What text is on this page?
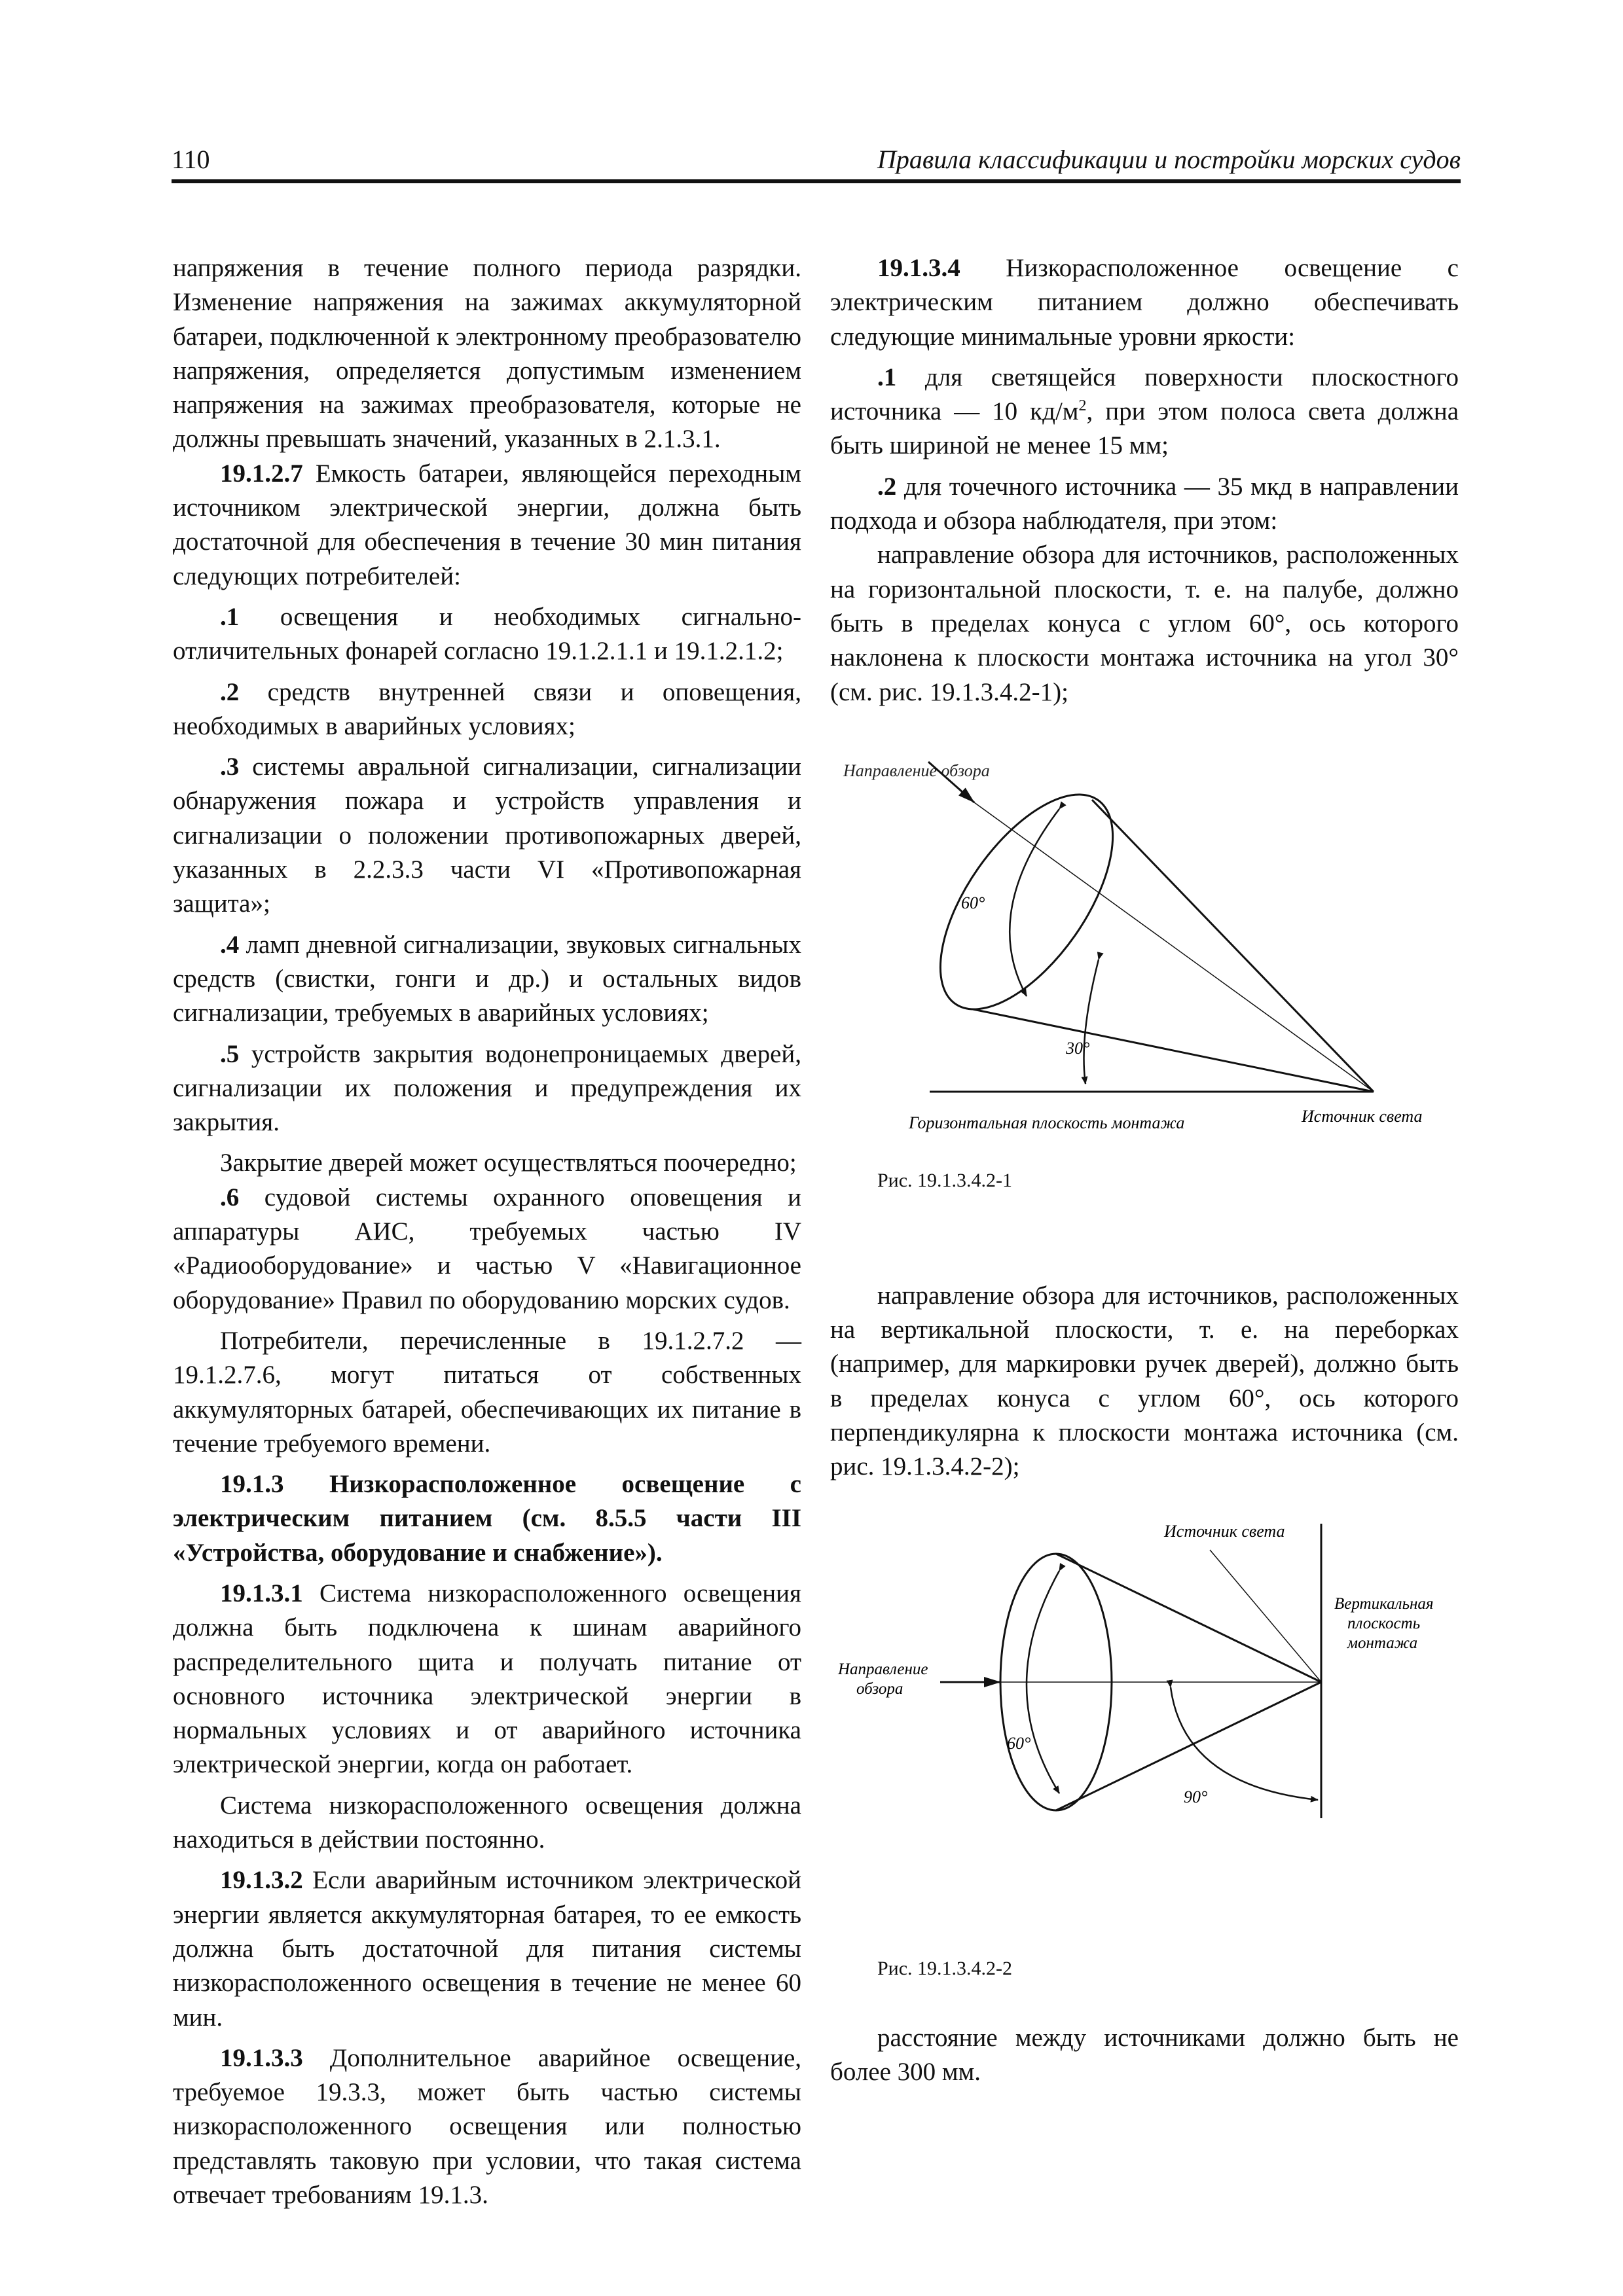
110	Правила классификации и постройки морских судов

напряжения в течение полного периода разрядки. Изменение напряжения на зажимах аккумуляторной батареи, подключенной к электронному преобразователю напряжения, определяется допустимым изменением напряжения на зажимах преобразователя, которые не должны превышать значений, указанных в 2.1.3.1.

19.1.2.7 Емкость батареи, являющейся переходным источником электрической энергии, должна быть достаточной для обеспечения в течение 30 мин питания следующих потребителей:

.1 освещения и необходимых сигнально-отличительных фонарей согласно 19.1.2.1.1 и 19.1.2.1.2;

.2 средств внутренней связи и оповещения, необходимых в аварийных условиях;

.3 системы авральной сигнализации, сигнализации обнаружения пожара и устройств управления и сигнализации о положении противопожарных дверей, указанных в 2.2.3.3 части VI «Противопожарная защита»;

.4 ламп дневной сигнализации, звуковых сигнальных средств (свистки, гонги и др.) и остальных видов сигнализации, требуемых в аварийных условиях;

.5 устройств закрытия водонепроницаемых дверей, сигнализации их положения и предупреждения их закрытия.

Закрытие дверей может осуществляться поочередно;

.6 судовой системы охранного оповещения и аппаратуры АИС, требуемых частью IV «Радиооборудование» и частью V «Навигационное оборудование» Правил по оборудованию морских судов.

Потребители, перечисленные в 19.1.2.7.2 — 19.1.2.7.6, могут питаться от собственных аккумуляторных батарей, обеспечивающих их питание в течение требуемого времени.

19.1.3 Низкорасположенное освещение с электрическим питанием (см. 8.5.5 части III «Устройства, оборудование и снабжение»).

19.1.3.1 Система низкорасположенного освещения должна быть подключена к шинам аварийного распределительного щита и получать питание от основного источника электрической энергии в нормальных условиях и от аварийного источника электрической энергии, когда он работает.

Система низкорасположенного освещения должна находиться в действии постоянно.

19.1.3.2 Если аварийным источником электрической энергии является аккумуляторная батарея, то ее емкость должна быть достаточной для питания системы низкорасположенного освещения в течение не менее 60 мин.

19.1.3.3 Дополнительное аварийное освещение, требуемое 19.3.3, может быть частью системы низкорасположенного освещения или полностью представлять таковую при условии, что такая система отвечает требованиям 19.1.3.

19.1.3.4 Низкорасположенное освещение с электрическим питанием должно обеспечивать следующие минимальные уровни яркости:

.1 для светящейся поверхности плоскостного источника — 10 $кд/м^2$, при этом полоса света должна быть шириной не менее 15 мм;

.2 для точечного источника — 35 мкд в направлении подхода и обзора наблюдателя, при этом:

направление обзора для источников, расположенных на горизонтальной плоскости, т. е. на палубе, должно быть в пределах конуса с углом 60°, ось которого наклонена к плоскости монтажа источника на угол 30° (см. рис. 19.1.3.4.2-1);

Направление обзора
60°
30°
Горизонтальная плоскость монтажа	Источник света

Рис. 19.1.3.4.2-1

направление обзора для источников, расположенных на вертикальной плоскости, т. е. на переборках (например, для маркировки ручек дверей), должно быть в пределах конуса с углом 60°, ось которого перпендикулярна к плоскости монтажа источника (см. рис. 19.1.3.4.2-2);

Источник света
Вертикальная
плоскость
монтажа
Направление
обзора
60°
90°

Рис. 19.1.3.4.2-2

расстояние между источниками должно быть не более 300 мм.
